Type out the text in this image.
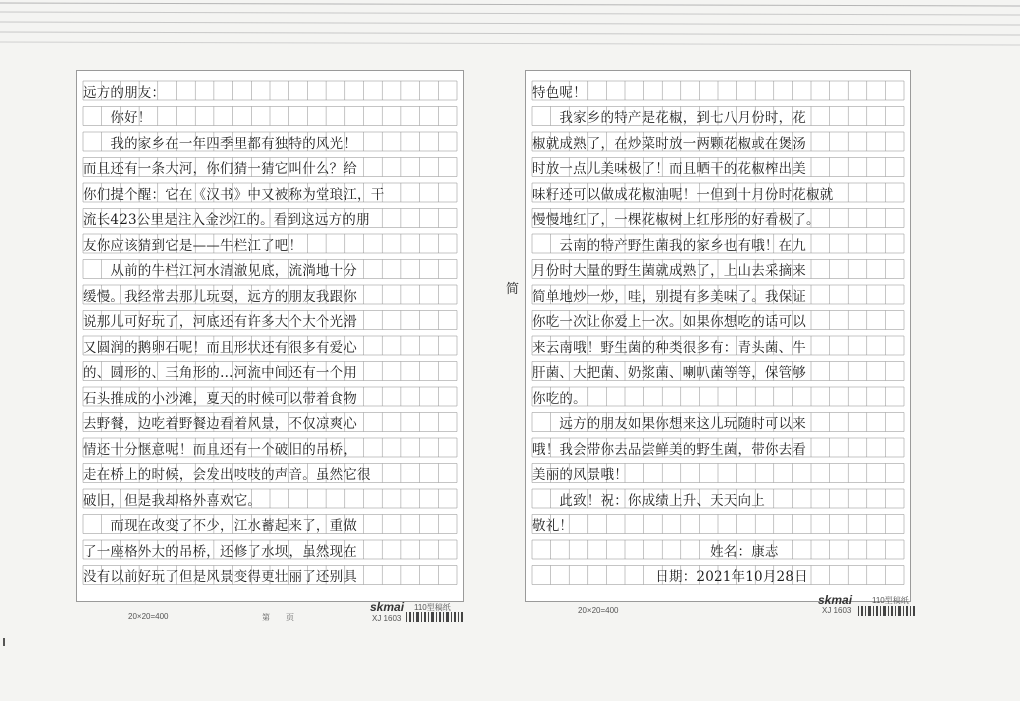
远方的朋友：
　　你好！
　　我的家乡在一年四季里都有独特的风光！
而且还有一条大河，你们猜一猜它叫什么？给
你们提个醒：它在《汉书》中又被称为堂琅江，干
流长423公里是注入金沙江的。看到这远方的朋
友你应该猜到它是——牛栏江了吧！
　　从前的牛栏江河水清澈见底，流淌地十分
缓慢。我经常去那儿玩耍，远方的朋友我跟你
说那儿可好玩了，河底还有许多大个大个光滑
又圆润的鹅卵石呢！而且形状还有很多有爱心
的、圆形的、三角形的…河流中间还有一个用
石头推成的小沙滩，夏天的时候可以带着食物
去野餐，边吃着野餐边看着风景，不仅凉爽心
情还十分惬意呢！而且还有一个破旧的吊桥，
走在桥上的时候，会发出吱吱的声音。虽然它很
破旧，但是我却格外喜欢它。
　　而现在改变了不少，江水蓄起来了，重做
了一座格外大的吊桥，还修了水坝，虽然现在
没有以前好玩了但是风景变得更壮丽了还别具
20×20=400	第　　页
skmai
XJ 1603
110型稿纸
特色呢！
　　我家乡的特产是花椒，到七八月份时，花
椒就成熟了，在炒菜时放一两颗花椒或在煲汤
时放一点儿美味极了！而且晒干的花椒榨出美
味籽还可以做成花椒油呢！一但到十月份时花椒就
慢慢地红了，一棵花椒树上红彤彤的好看极了。
　　云南的特产野生菌我的家乡也有哦！在九
月份时大量的野生菌就成熟了，上山去采摘来
简单地炒一炒，哇，别提有多美味了。我保证
你吃一次让你爱上一次。如果你想吃的话可以
来云南哦！野生菌的种类很多有：青头菌、牛
肝菌、大把菌、奶浆菌、喇叭菌等等，保管够
你吃的。
　　远方的朋友如果你想来这儿玩随时可以来
哦！我会带你去品尝鲜美的野生菌，带你去看
美丽的风景哦！
　　此致！祝：你成绩上升、天天向上
敬礼！
　　　　　　　　　　　　　姓名：康志
　　　　　　　　　日期：2021年10月28日
简
20×20=400
skmai
XJ 1603
110型稿纸
